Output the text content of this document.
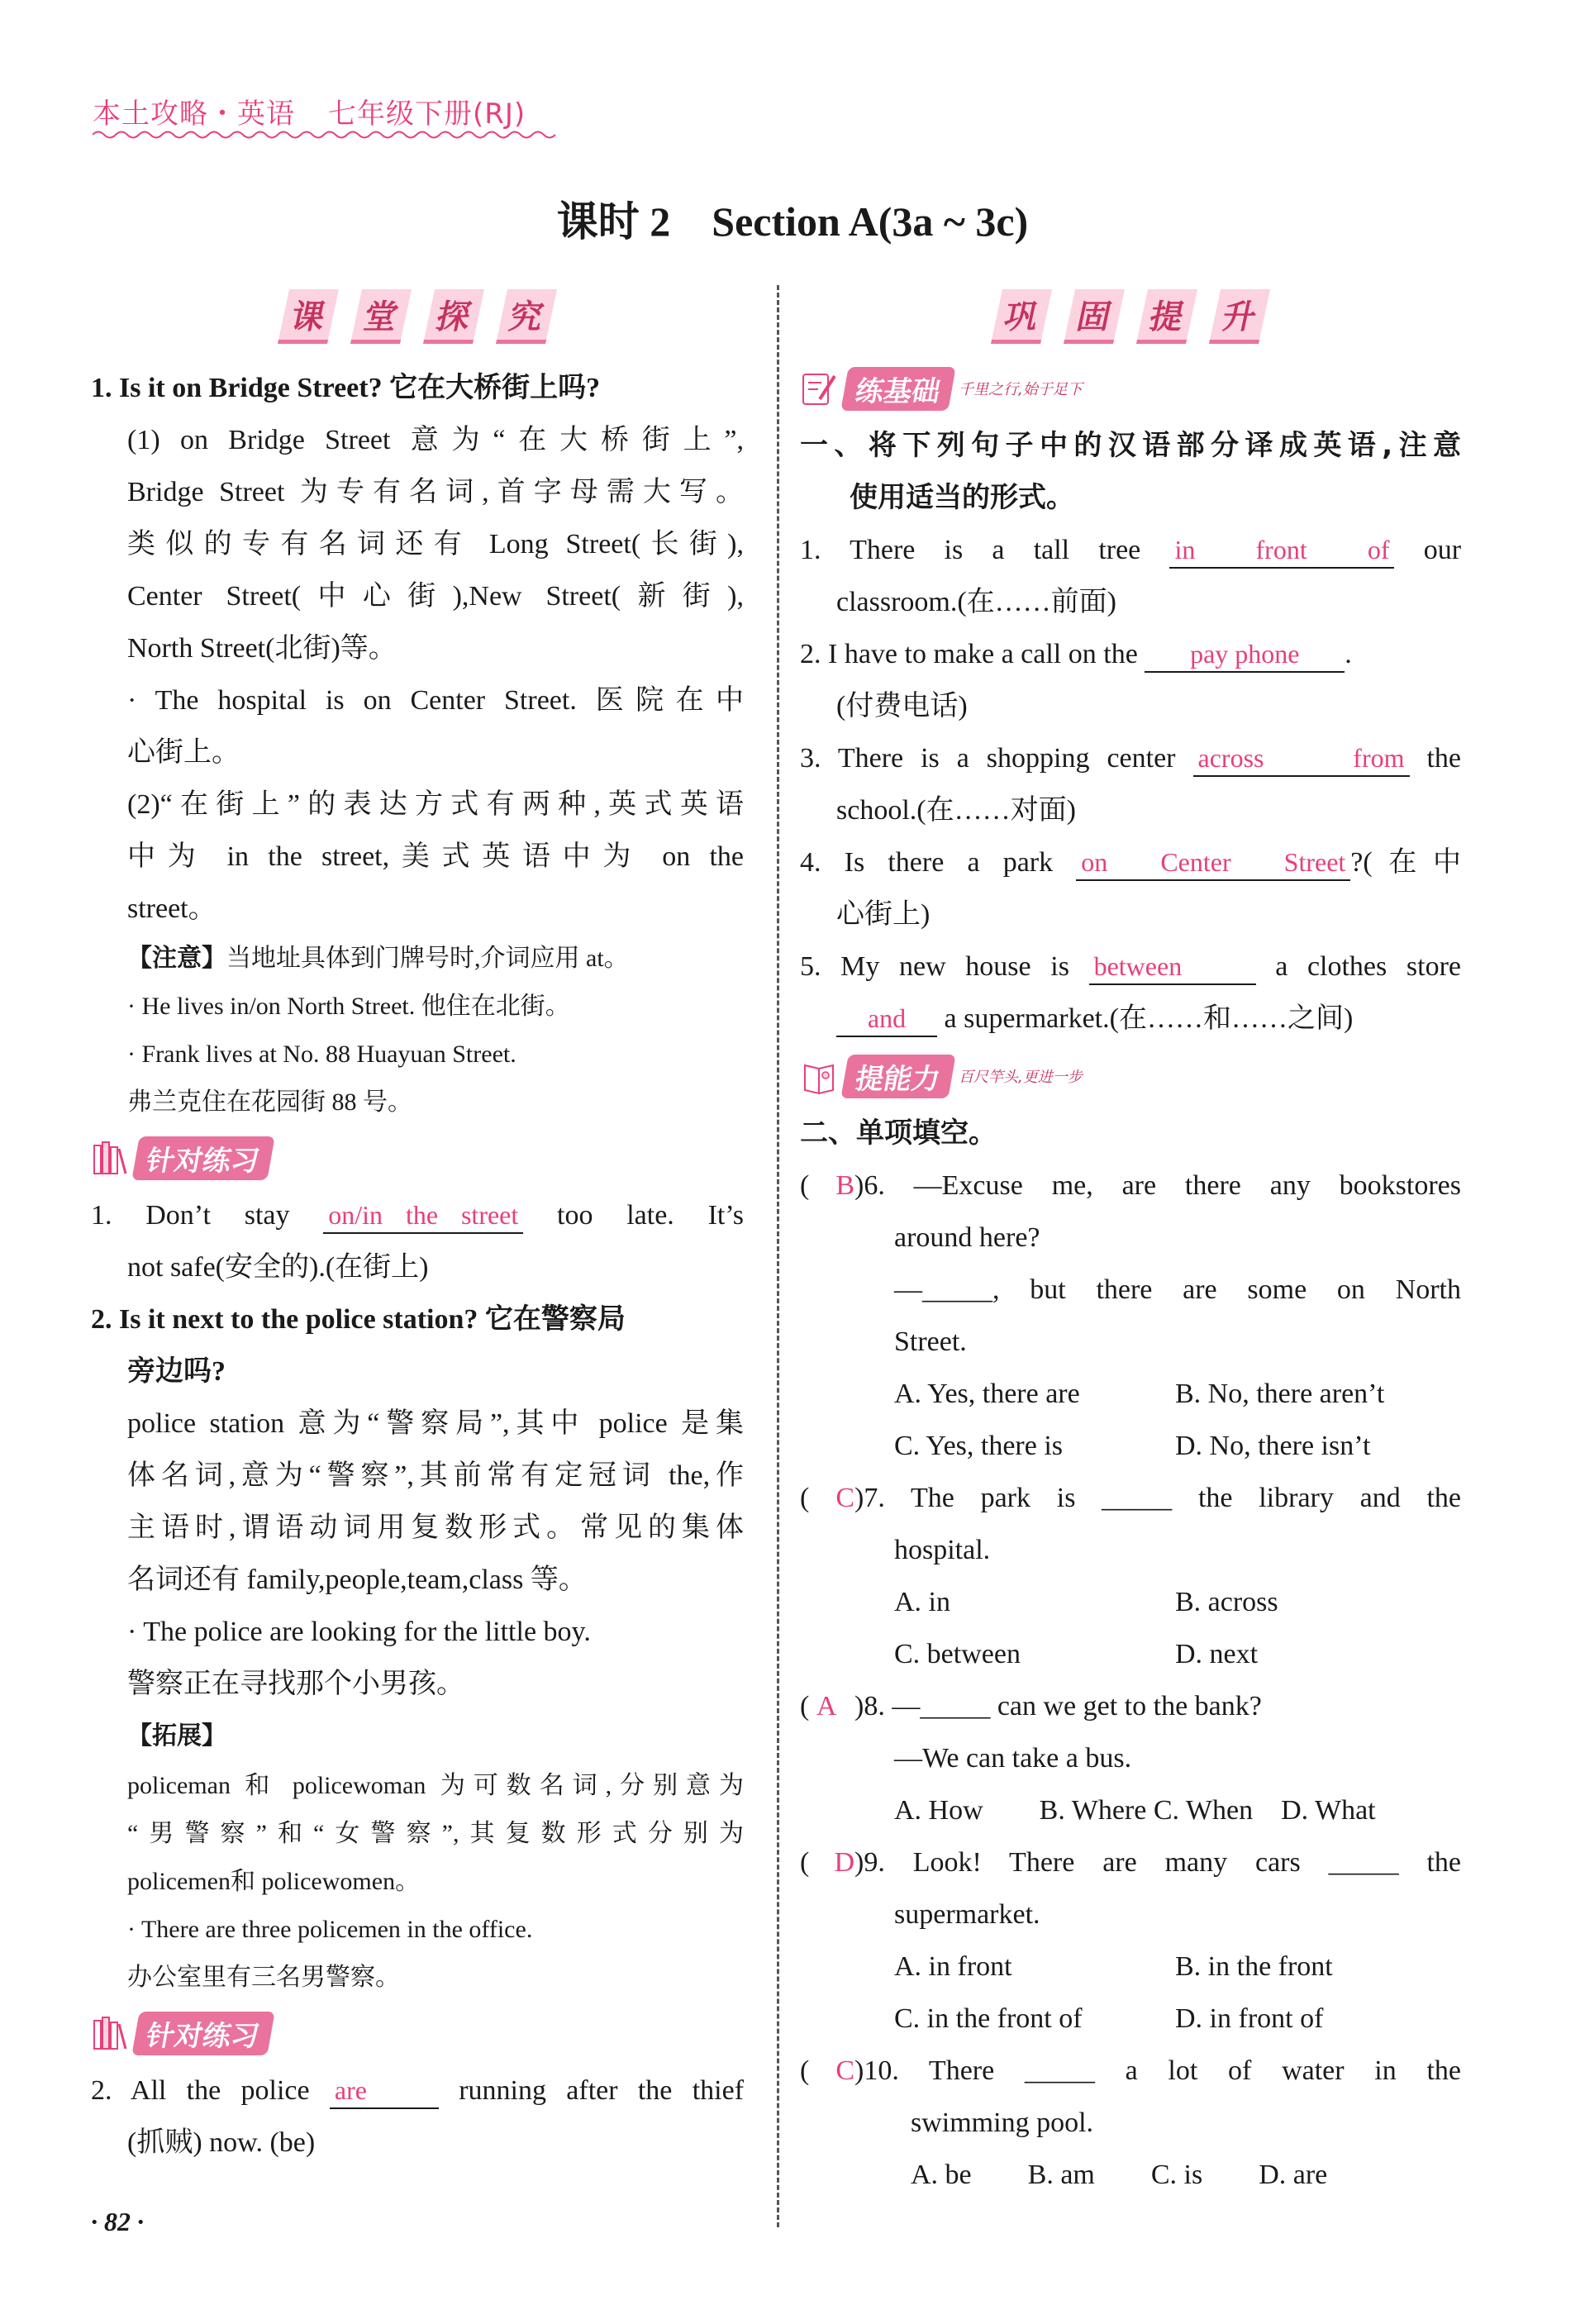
本土攻略・英语 七年级下册(RJ)
课时 2　Section A(3a ~ 3c)
课 堂 探 究

1. Is it on Bridge Street? 它在大桥街上吗?

(1) on Bridge Street 意为“在大桥街上”,

Bridge Street 为专有名词,首字母需大写。

类似的专有名词还有 Long Street(长街),

Center Street(中心街),New Street(新街),

North Street(北街)等。

· The hospital is on Center Street. 医院在中

心街上。

(2)“在街上”的表达方式有两种,英式英语

中为 in the street,美式英语中为 on the

street。

【注意】当地址具体到门牌号时,介词应用 at。

· He lives in/on North Street. 他住在北街。

· Frank lives at No. 88 Huayuan Street.

弗兰克住在花园街 88 号。

针对练习

1. Don’t stay on/in the street too late. It’s

not safe(安全的).(在街上)

2. Is it next to the police station? 它在警察局

旁边吗?

police station 意为“警察局”,其中 police 是集

体名词,意为“警察”,其前常有定冠词 the,作

主语时,谓语动词用复数形式。常见的集体

名词还有 family,people,team,class 等。

· The police are looking for the little boy.

警察正在寻找那个小男孩。

【拓展】

policeman 和 policewoman 为可数名词,分别意为

“男警察”和“女警察”,其复数形式分别为

policemen和 policewomen。

· There are three policemen in the office.

办公室里有三名男警察。

针对练习

2. All the police are	running after the thief

(抓贼) now. (be)

巩 固 提 升
练基础	千里之行,始于足下

一、将下列句子中的汉语部分译成英语,注意

使用适当的形式。

1. There is a tall tree in front of our

classroom.(在……前面)

2. I have to make a call on the pay phone .

(付费电话)

3. There is a shopping center across from the

school.(在……对面)

4. Is there a park on Center Street ?(在中

心街上)

5. My new house is between	a clothes store

and a supermarket.(在……和……之间)

提能力	百尺竿头,更进一步

二、单项填空。

( B)6. —Excuse me, are there any bookstores

around here?

—_____, but there are some on North

Street.

A. Yes, there are	B. No, there aren’t

C. Yes, there is	D. No, there isn’t

( C)7. The park is _____ the library and the

hospital.

A. in	B. across

C. between	D. next

( A )8. —_____ can we get to the bank?

—We can take a bus.

A. How　　B. Where C. When　D. What

( D)9. Look! There are many cars _____ the

supermarket.

A. in front	B. in the front

C. in the front of	D. in front of

( C)10. There _____ a lot of water in the

swimming pool.

A. be　　B. am　　C. is　　D. are

· 82 ·
